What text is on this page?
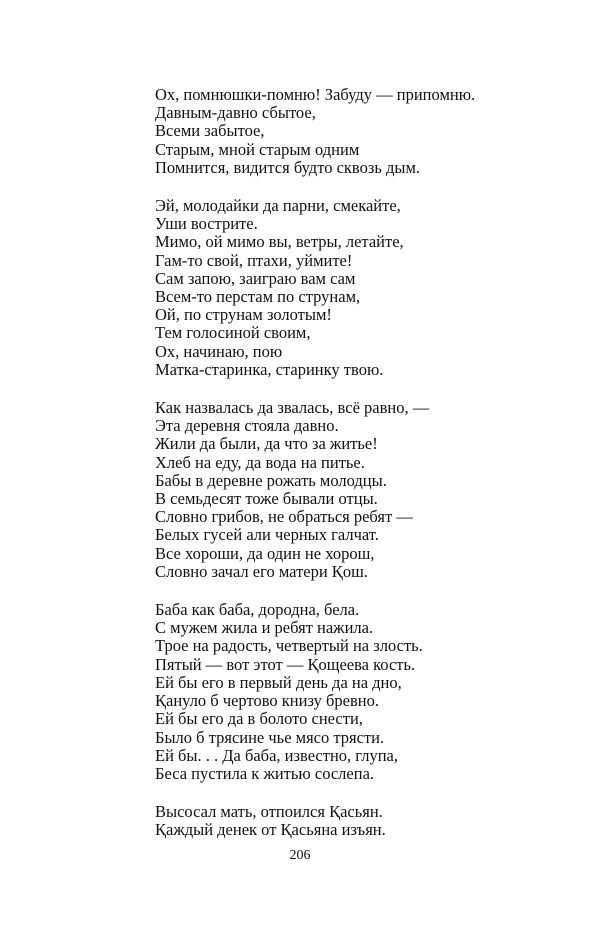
Ох, помнюшки-помню! Забуду — припомню.
Давным-давно сбытое,
Всеми забытое,
Старым, мной старым одним
Помнится, видится будто сквозь дым.
Эй, молодайки да парни, смекайте,
Уши вострите.
Мимо, ой мимо вы, ветры, летайте,
Гам-то свой, птахи, уймите!
Сам запою, заиграю вам сам
Всем-то перстам по струнам,
Ой, по струнам золотым!
Тем голосиной своим,
Ох, начинаю, пою
Матка-старинка, старинку твою.
Как назвалась да звалась, всё равно, —
Эта деревня стояла давно.
Жили да были, да что за житье!
Хлеб на еду, да вода на питье.
Бабы в деревне рожать молодцы.
В семьдесят тоже бывали отцы.
Словно грибов, не обраться ребят —
Белых гусей али черных галчат.
Все хороши, да один не хорош,
Словно зачал его матери Қош.
Баба как баба, дородна, бела.
С мужем жила и ребят нажила.
Трое на радость, четвертый на злость.
Пятый — вот этот — Қощеева кость.
Ей бы его в первый день да на дно,
Қануло б чертово книзу бревно.
Ей бы его да в болото снести,
Было б трясине чье мясо трясти.
Ей бы. . . Да баба, известно, глупа,
Беса пустила к житью сослепа.
Высосал мать, отпоился Қасьян.
Қаждый денек от Қасьяна изъян.
206
